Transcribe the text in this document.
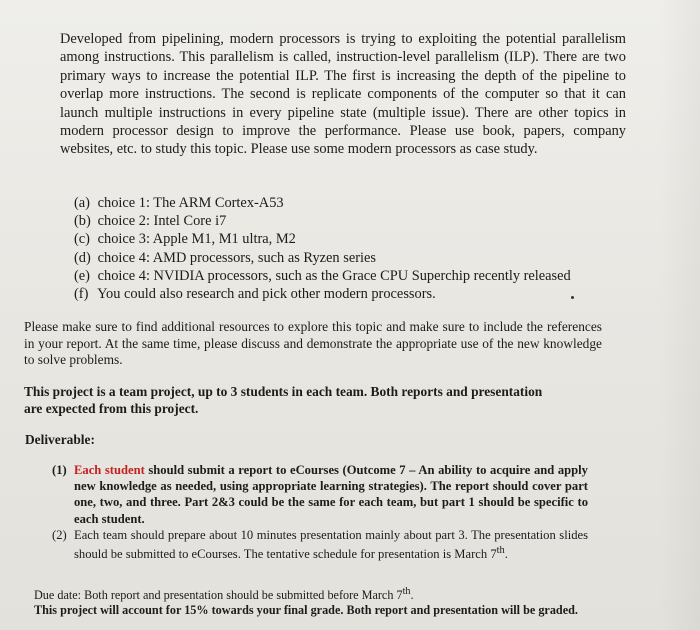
Developed from pipelining, modern processors is trying to exploiting the potential parallelism among instructions. This parallelism is called, instruction-level parallelism (ILP). There are two primary ways to increase the potential ILP. The first is increasing the depth of the pipeline to overlap more instructions. The second is replicate components of the computer so that it can launch multiple instructions in every pipeline state (multiple issue). There are other topics in modern processor design to improve the performance. Please use book, papers, company websites, etc. to study this topic. Please use some modern processors as case study.

(a) choice 1: The ARM Cortex-A53
(b) choice 2: Intel Core i7
(c) choice 3: Apple M1, M1 ultra, M2
(d) choice 4: AMD processors, such as Ryzen series
(e) choice 4: NVIDIA processors, such as the Grace CPU Superchip recently released
(f) You could also research and pick other modern processors.

Please make sure to find additional resources to explore this topic and make sure to include the references in your report. At the same time, please discuss and demonstrate the appropriate use of the new knowledge to solve problems.

This project is a team project, up to 3 students in each team. Both reports and presentation are expected from this project.

Deliverable:
(1) Each student should submit a report to eCourses (Outcome 7 – An ability to acquire and apply new knowledge as needed, using appropriate learning strategies). The report should cover part one, two, and three. Part 2&3 could be the same for each team, but part 1 should be specific to each student.
(2) Each team should prepare about 10 minutes presentation mainly about part 3. The presentation slides should be submitted to eCourses. The tentative schedule for presentation is March 7th.
Due date: Both report and presentation should be submitted before March 7th.
This project will account for 15% towards your final grade. Both report and presentation will be graded.
